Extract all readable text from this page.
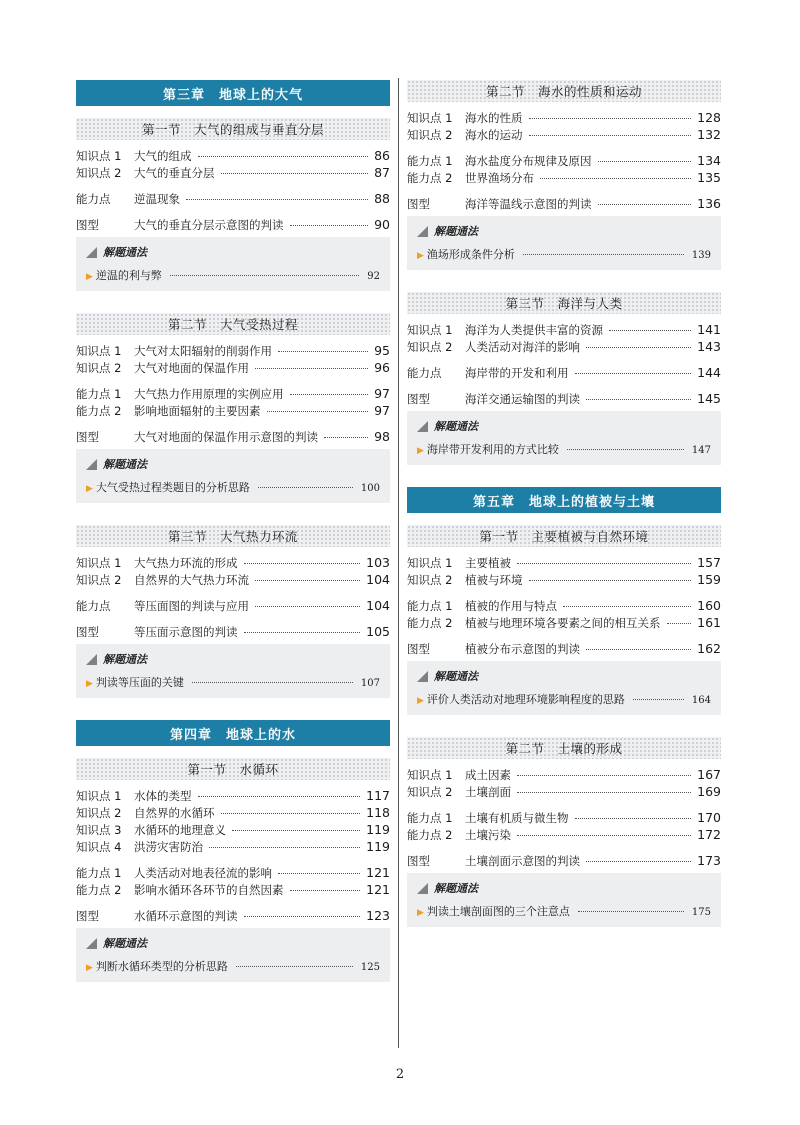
第三章　地球上的大气
第一节　大气的组成与垂直分层
知识点 1	大气的组成	86
知识点 2	大气的垂直分层	87
能力点	逆温现象	88
图型	大气的垂直分层示意图的判读	90
解题通法
▶ 逆温的利与弊	92
第二节　大气受热过程
知识点 1	大气对太阳辐射的削弱作用	95
知识点 2	大气对地面的保温作用	96
能力点 1	大气热力作用原理的实例应用	97
能力点 2	影响地面辐射的主要因素	97
图型	大气对地面的保温作用示意图的判读	98
解题通法
▶ 大气受热过程类题目的分析思路	100
第三节　大气热力环流
知识点 1	大气热力环流的形成	103
知识点 2	自然界的大气热力环流	104
能力点	等压面图的判读与应用	104
图型	等压面示意图的判读	105
解题通法
▶ 判读等压面的关键	107
第四章　地球上的水
第一节　水循环
知识点 1	水体的类型	117
知识点 2	自然界的水循环	118
知识点 3	水循环的地理意义	119
知识点 4	洪涝灾害防治	119
能力点 1	人类活动对地表径流的影响	121
能力点 2	影响水循环各环节的自然因素	121
图型	水循环示意图的判读	123
解题通法
▶ 判断水循环类型的分析思路	125
第二节　海水的性质和运动
知识点 1	海水的性质	128
知识点 2	海水的运动	132
能力点 1	海水盐度分布规律及原因	134
能力点 2	世界渔场分布	135
图型	海洋等温线示意图的判读	136
解题通法
▶ 渔场形成条件分析	139
第三节　海洋与人类
知识点 1	海洋为人类提供丰富的资源	141
知识点 2	人类活动对海洋的影响	143
能力点	海岸带的开发和利用	144
图型	海洋交通运输图的判读	145
解题通法
▶ 海岸带开发利用的方式比较	147
第五章　地球上的植被与土壤
第一节　主要植被与自然环境
知识点 1	主要植被	157
知识点 2	植被与环境	159
能力点 1	植被的作用与特点	160
能力点 2	植被与地理环境各要素之间的相互关系	161
图型	植被分布示意图的判读	162
解题通法
▶ 评价人类活动对地理环境影响程度的思路	164
第二节　土壤的形成
知识点 1	成土因素	167
知识点 2	土壤剖面	169
能力点 1	土壤有机质与微生物	170
能力点 2	土壤污染	172
图型	土壤剖面示意图的判读	173
解题通法
▶ 判读土壤剖面图的三个注意点	175
2
